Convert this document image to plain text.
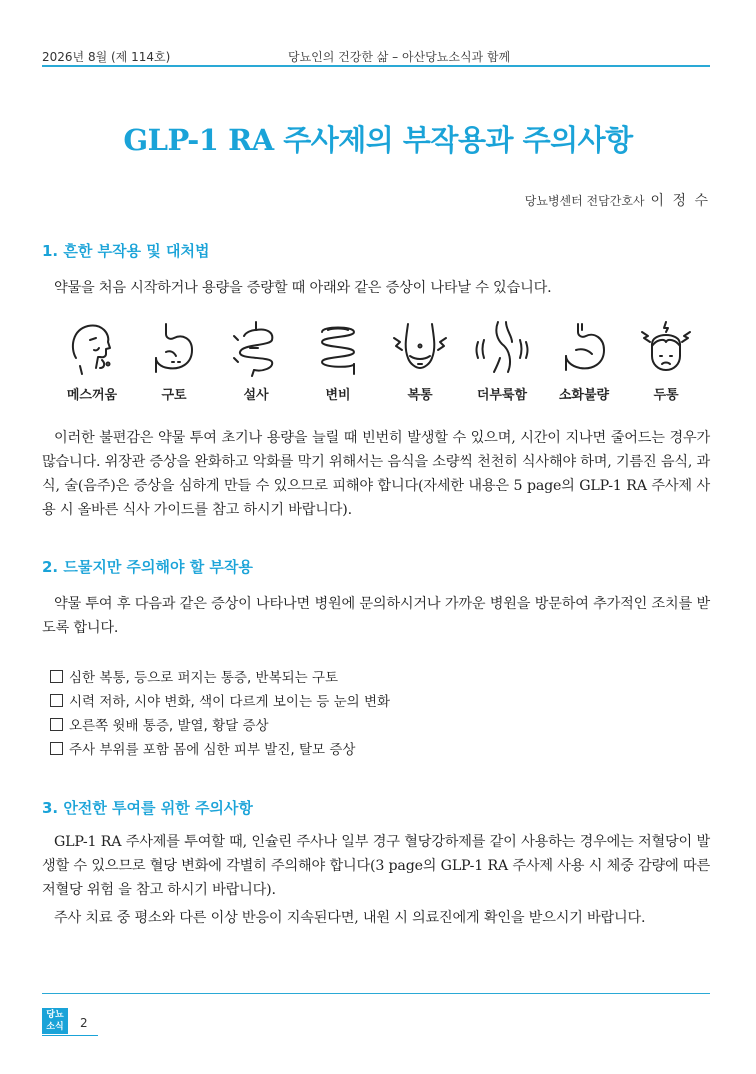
2026년 8월 (제 114호)	당뇨인의 건강한 삶 – 아산당뇨소식과 함께
GLP-1 RA 주사제의 부작용과 주의사항
당뇨병센터 전담간호사 이 정 수
1. 흔한 부작용 및 대처법
약물을 처음 시작하거나 용량을 증량할 때 아래와 같은 증상이 나타날 수 있습니다.
메스꺼움	구토	설사	변비	복통	더부룩함	소화불량	두통
이러한 불편감은 약물 투여 초기나 용량을 늘릴 때 빈번히 발생할 수 있으며, 시간이 지나면 줄어드는 경우가 많습니다. 위장관 증상을 완화하고 악화를 막기 위해서는 음식을 소량씩 천천히 식사해야 하며, 기름진 음식, 과식, 술(음주)은 증상을 심하게 만들 수 있으므로 피해야 합니다(자세한 내용은 5 page의 GLP-1 RA 주사제 사용 시 올바른 식사 가이드를 참고 하시기 바랍니다).
2. 드물지만 주의해야 할 부작용
약물 투여 후 다음과 같은 증상이 나타나면 병원에 문의하시거나 가까운 병원을 방문하여 추가적인 조치를 받도록 합니다.
심한 복통, 등으로 퍼지는 통증, 반복되는 구토
시력 저하, 시야 변화, 색이 다르게 보이는 등 눈의 변화
오른쪽 윗배 통증, 발열, 황달 증상
주사 부위를 포함 몸에 심한 피부 발진, 탈모 증상
3. 안전한 투여를 위한 주의사항
GLP-1 RA 주사제를 투여할 때, 인슐린 주사나 일부 경구 혈당강하제를 같이 사용하는 경우에는 저혈당이 발생할 수 있으므로 혈당 변화에 각별히 주의해야 합니다(3 page의 GLP-1 RA 주사제 사용 시 체중 감량에 따른 저혈당 위험 을 참고 하시기 바랍니다).
주사 치료 중 평소와 다른 이상 반응이 지속된다면, 내원 시 의료진에게 확인을 받으시기 바랍니다.
당뇨
소식	2
